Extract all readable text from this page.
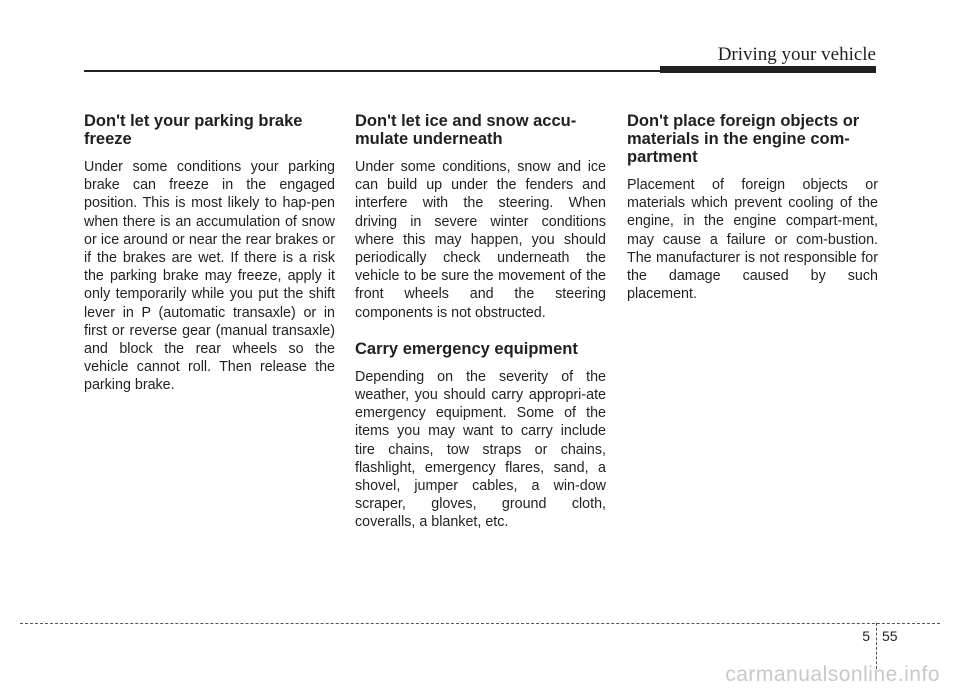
Driving your vehicle
Don't let your parking brake freeze

Under some conditions your parking brake can freeze in the engaged position. This is most likely to hap-pen when there is an accumulation of snow or ice around or near the rear brakes or if the brakes are wet. If there is a risk the parking brake may freeze, apply it only temporarily while you put the shift lever in P (automatic transaxle) or in first or reverse gear (manual transaxle) and block the rear wheels so the vehicle cannot roll. Then release the parking brake.

Don't let ice and snow accu-mulate underneath

Under some conditions, snow and ice can build up under the fenders and interfere with the steering. When driving in severe winter conditions where this may happen, you should periodically check underneath the vehicle to be sure the movement of the front wheels and the steering components is not obstructed.

Carry emergency equipment

Depending on the severity of the weather, you should carry appropri-ate emergency equipment. Some of the items you may want to carry include tire chains, tow straps or chains, flashlight, emergency flares, sand, a shovel, jumper cables, a win-dow scraper, gloves, ground cloth, coveralls, a blanket, etc.

Don't place foreign objects or materials in the engine com-partment

Placement of foreign objects or materials which prevent cooling of the engine, in the engine compart-ment, may cause a failure or com-bustion. The manufacturer is not responsible for the damage caused by such placement.

5 55
carmanualsonline.info
